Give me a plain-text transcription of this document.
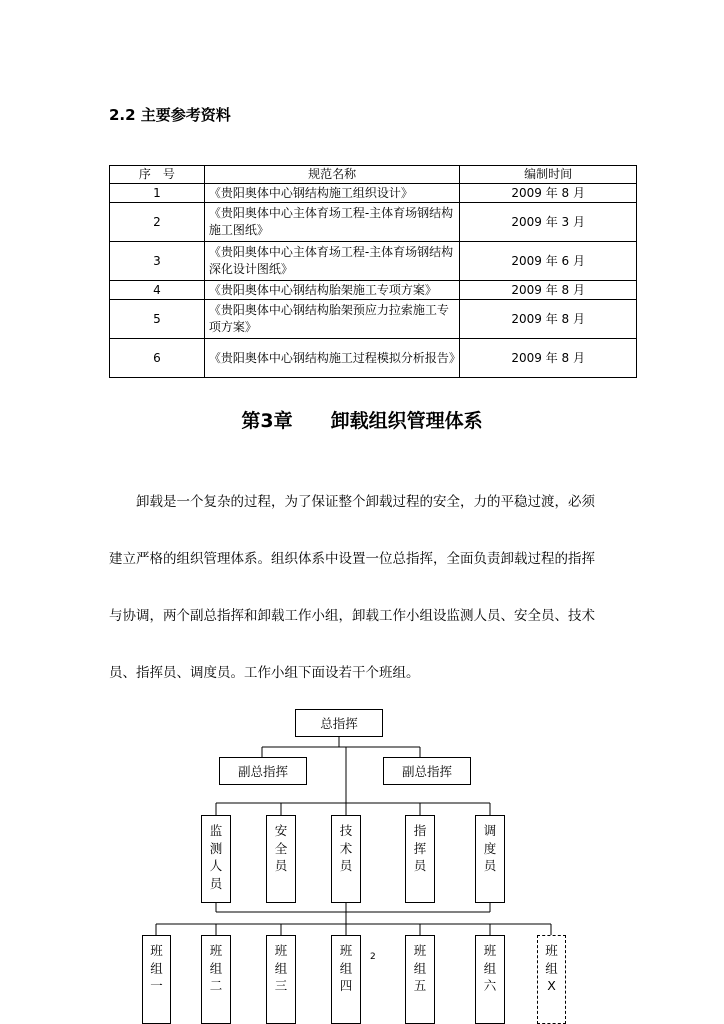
2.2 主要参考资料
序　号	规范名称	编制时间
1	《贵阳奥体中心钢结构施工组织设计》	2009 年 8 月
2	《贵阳奥体中心主体育场工程-主体育场钢结构施工图纸》	2009 年 3 月
3	《贵阳奥体中心主体育场工程-主体育场钢结构深化设计图纸》	2009 年 6 月
4	《贵阳奥体中心钢结构胎架施工专项方案》	2009 年 8 月
5	《贵阳奥体中心钢结构胎架预应力拉索施工专项方案》	2009 年 8 月
6	《贵阳奥体中心钢结构施工过程模拟分析报告》	2009 年 8 月
第3章　　卸载组织管理体系
卸载是一个复杂的过程，为了保证整个卸载过程的安全，力的平稳过渡，必须
建立严格的组织管理体系。组织体系中设置一位总指挥，全面负责卸载过程的指挥
与协调，两个副总指挥和卸载工作小组，卸载工作小组设监测人员、安全员、技术
员、指挥员、调度员。工作小组下面设若干个班组。
总指挥
副总指挥	副总指挥
监
测
人
员
安
全
员
技
术
员
指
挥
员
调
度
员
班
组
一
班
组
二
班
组
三
班
组
四
班
组
五
班
组
六
班
组
X
2
